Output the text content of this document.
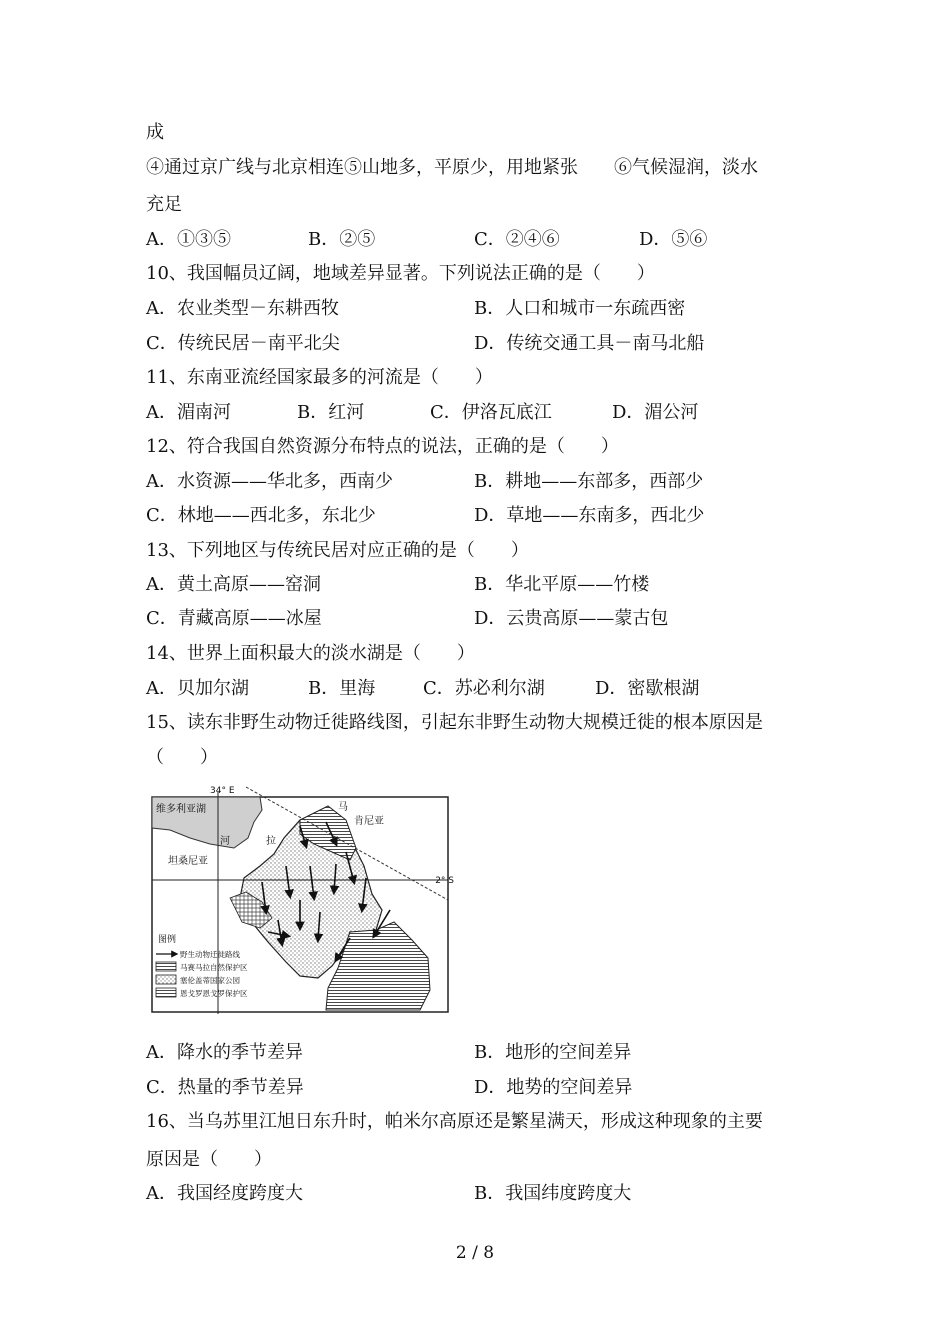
成
④通过京广线与北京相连⑤山地多，平原少，用地紧张　　⑥气候湿润，淡水
充足
A．①③⑤	B．②⑤	C．②④⑥	D．⑤⑥
10、我国幅员辽阔，地域差异显著。下列说法正确的是（　　）
A．农业类型－东耕西牧	B．人口和城市一东疏西密
C．传统民居－南平北尖	D．传统交通工具－南马北船
11、东南亚流经国家最多的河流是（　　）
A．湄南河	B．红河	C．伊洛瓦底江	D．湄公河
12、符合我国自然资源分布特点的说法，正确的是（　　）
A．水资源——华北多，西南少	B．耕地——东部多，西部少
C．林地——西北多，东北少	D．草地——东南多，西北少
13、下列地区与传统民居对应正确的是（　　）
A．黄土高原——窑洞	B．华北平原——竹楼
C．青藏高原——冰屋	D．云贵高原——蒙古包
14、世界上面积最大的淡水湖是（　　）
A．贝加尔湖	B．里海	C．苏必利尔湖	D．密歇根湖
15、读东非野生动物迁徙路线图，引起东非野生动物大规模迁徙的根本原因是
（　　）
34° E
2° S
维多利亚湖
肯尼亚
坦桑尼亚
河	拉
马
图例
野生动物迁徙路线
马赛马拉自然保护区
塞伦盖蒂国家公园
恩戈罗恩戈罗保护区
A．降水的季节差异	B．地形的空间差异
C．热量的季节差异	D．地势的空间差异
16、当乌苏里江旭日东升时，帕米尔高原还是繁星满天，形成这种现象的主要
原因是（　　）
A．我国经度跨度大	B．我国纬度跨度大
2 / 8
